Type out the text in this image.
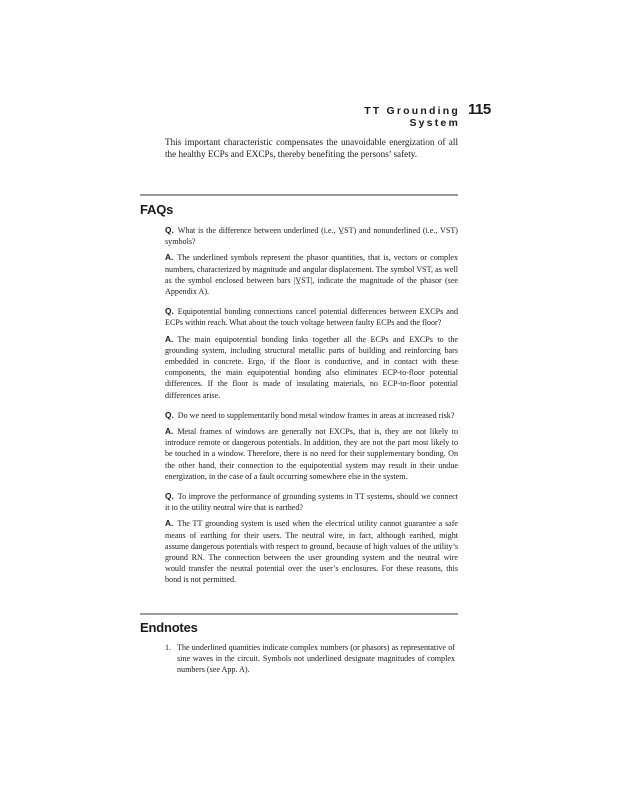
TT Grounding System
115

This important characteristic compensates the unavoidable energization of all the healthy ECPs and EXCPs, thereby benefiting the persons’ safety.

FAQs

Q. What is the difference between underlined (i.e., V̲ST) and nonunderlined (i.e., VST) symbols?

A. The underlined symbols represent the phasor quantities, that is, vectors or complex numbers, characterized by magnitude and angular displacement. The symbol VST, as well as the symbol enclosed between bars |V̲ST|, indicate the magnitude of the phasor (see Appendix A).

Q. Equipotential bonding connections cancel potential differences between EXCPs and ECPs within reach. What about the touch voltage between faulty ECPs and the floor?

A. The main equipotential bonding links together all the ECPs and EXCPs to the grounding system, including structural metallic parts of building and reinforcing bars embedded in concrete. Ergo, if the floor is conductive, and in contact with these components, the main equipotential bonding also eliminates ECP-to-floor potential differences. If the floor is made of insulating materials, no ECP-to-floor potential differences arise.

Q. Do we need to supplementarily bond metal window frames in areas at increased risk?

A. Metal frames of windows are generally not EXCPs, that is, they are not likely to introduce remote or dangerous potentials. In addition, they are not the part most likely to be touched in a window. Therefore, there is no need for their supplementary bonding. On the other hand, their connection to the equipotential system may result in their undue energization, in the case of a fault occurring somewhere else in the system.

Q. To improve the performance of grounding systems in TT systems, should we connect it to the utility neutral wire that is earthed?

A. The TT grounding system is used when the electrical utility cannot guarantee a safe means of earthing for their users. The neutral wire, in fact, although earthed, might assume dangerous potentials with respect to ground, because of high values of the utility’s ground RN. The connection between the user grounding system and the neutral wire would transfer the neutral potential over the user’s enclosures. For these reasons, this bond is not permitted.

Endnotes

1. The underlined quantities indicate complex numbers (or phasors) as representative of sine waves in the circuit. Symbols not underlined designate magnitudes of complex numbers (see App. A).
